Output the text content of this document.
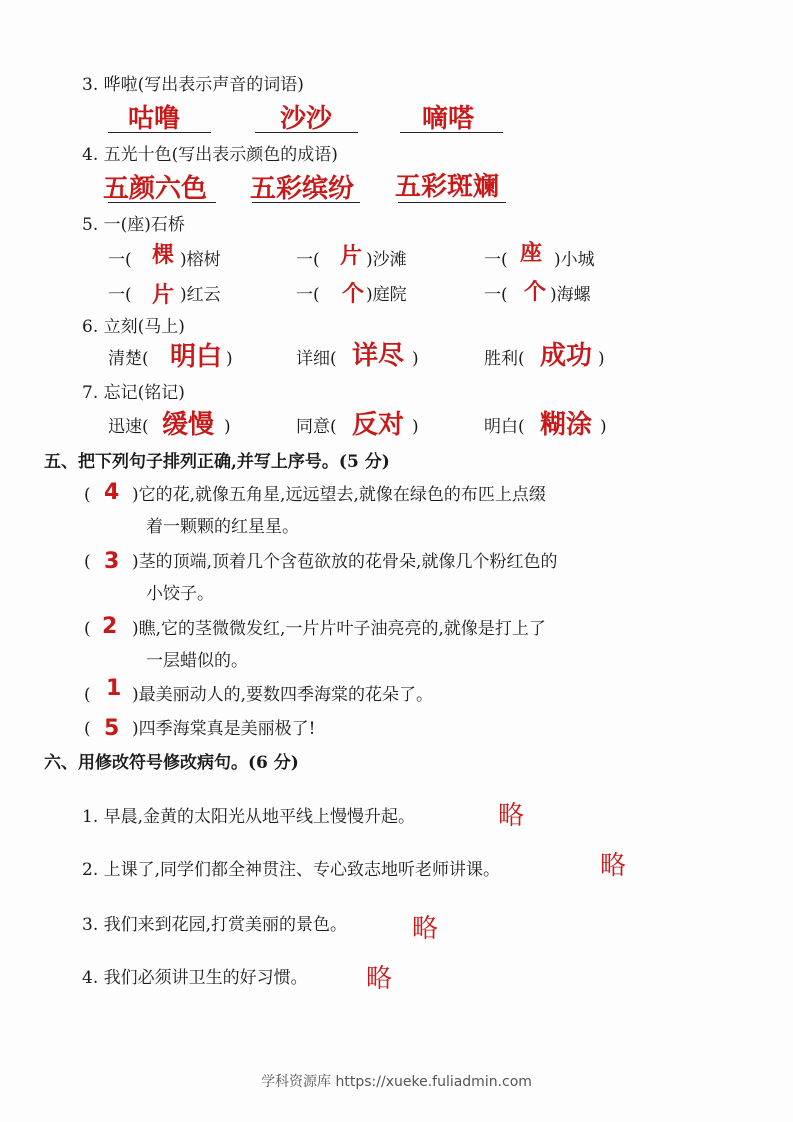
3. 哗啦(写出表示声音的词语)
咕噜	沙沙	嘀嗒
4. 五光十色(写出表示颜色的成语)
五颜六色 五彩缤纷 五彩斑斓
5. 一(座)石桥
一( 棵 )榕树	一( 片 )沙滩	一( 座 )小城
一( 片 )红云	一( 个 )庭院	一( 个 )海螺
6. 立刻(马上)
清楚( 明白 )	详细( 详尽 )	胜利( 成功 )
7. 忘记(铭记)
迅速( 缓慢 )	同意( 反对 )	明白( 糊涂 )
五、把下列句子排列正确,并写上序号。(5 分)
( 4 )它的花,就像五角星,远远望去,就像在绿色的布匹上点缀
着一颗颗的红星星。
( 3 )茎的顶端,顶着几个含苞欲放的花骨朵,就像几个粉红色的
小饺子。
( 2 )瞧,它的茎微微发红,一片片叶子油亮亮的,就像是打上了
一层蜡似的。
( 1 )最美丽动人的,要数四季海棠的花朵了。
( 5 )四季海棠真是美丽极了!
六、用修改符号修改病句。(6 分)
1. 早晨,金黄的太阳光从地平线上慢慢升起。	略
2. 上课了,同学们都全神贯注、专心致志地听老师讲课。	略
3. 我们来到花园,打赏美丽的景色。 略
4. 我们必须讲卫生的好习惯。 略
学科资源库 https://xueke.fuliadmin.com
